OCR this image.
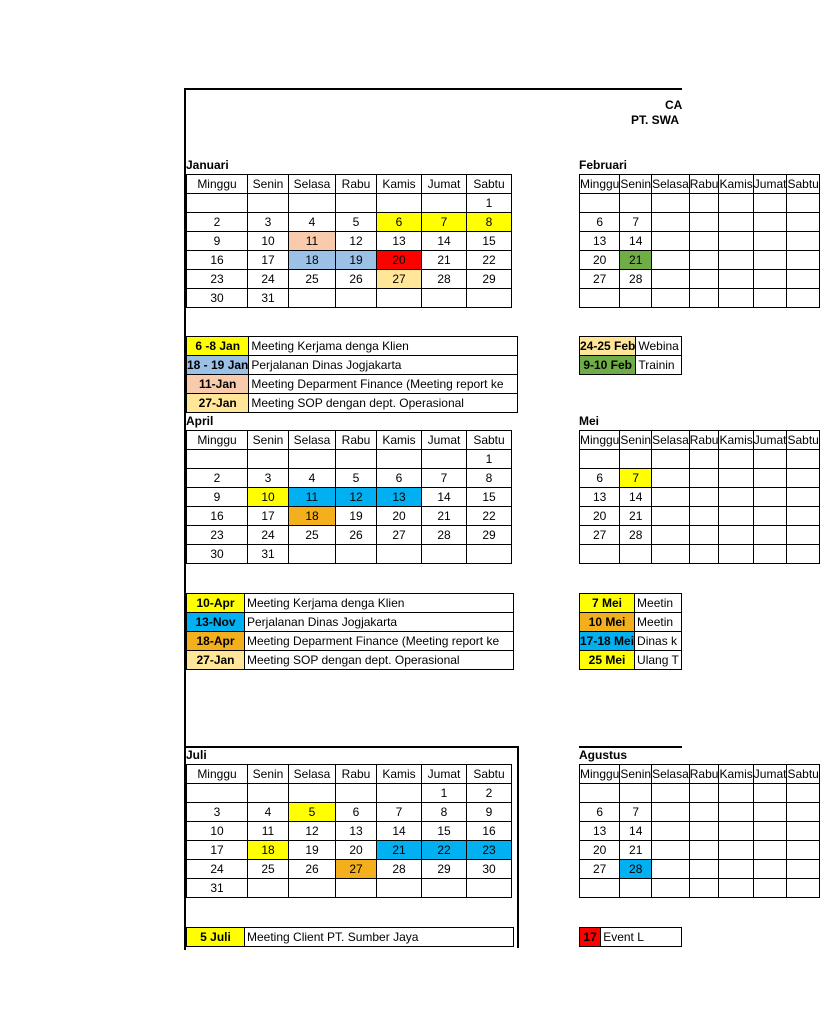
CA
PT. SWA
Januari
Minggu	Senin	Selasa	Rabu	Kamis	Jumat	Sabtu
						1
2	3	4	5	6	7	8
9	10	11	12	13	14	15
16	17	18	19	20	21	22
23	24	25	26	27	28	29
30	31					
6 -8 Jan	Meeting Kerjama denga Klien
18 - 19 Jan	Perjalanan Dinas Jogjakarta
11-Jan	Meeting Deparment Finance (Meeting report ke
27-Jan	Meeting SOP dengan dept. Operasional
Februari
Minggu	Senin	Selasa	Rabu	Kamis	Jumat	Sabtu

6	7					
13	14					
20	21					
27	28					

24-25 Feb	Webina
9-10 Feb	Trainin
April
Minggu	Senin	Selasa	Rabu	Kamis	Jumat	Sabtu
						1
2	3	4	5	6	7	8
9	10	11	12	13	14	15
16	17	18	19	20	21	22
23	24	25	26	27	28	29
30	31					
10-Apr	Meeting Kerjama denga Klien
13-Nov	Perjalanan Dinas Jogjakarta
18-Apr	Meeting Deparment Finance (Meeting report ke
27-Jan	Meeting SOP dengan dept. Operasional
Mei
Minggu	Senin	Selasa	Rabu	Kamis	Jumat	Sabtu

6	7					
13	14					
20	21					
27	28					

7 Mei	Meetin
10 Mei	Meetin
17-18 Mei	Dinas k
25 Mei	Ulang T
Juli
Minggu	Senin	Selasa	Rabu	Kamis	Jumat	Sabtu
					1	2
3	4	5	6	7	8	9
10	11	12	13	14	15	16
17	18	19	20	21	22	23
24	25	26	27	28	29	30
31						
5 Juli	Meeting Client PT. Sumber Jaya
Agustus
Minggu	Senin	Selasa	Rabu	Kamis	Jumat	Sabtu

6	7					
13	14					
20	21					
27	28					

17	Event L
